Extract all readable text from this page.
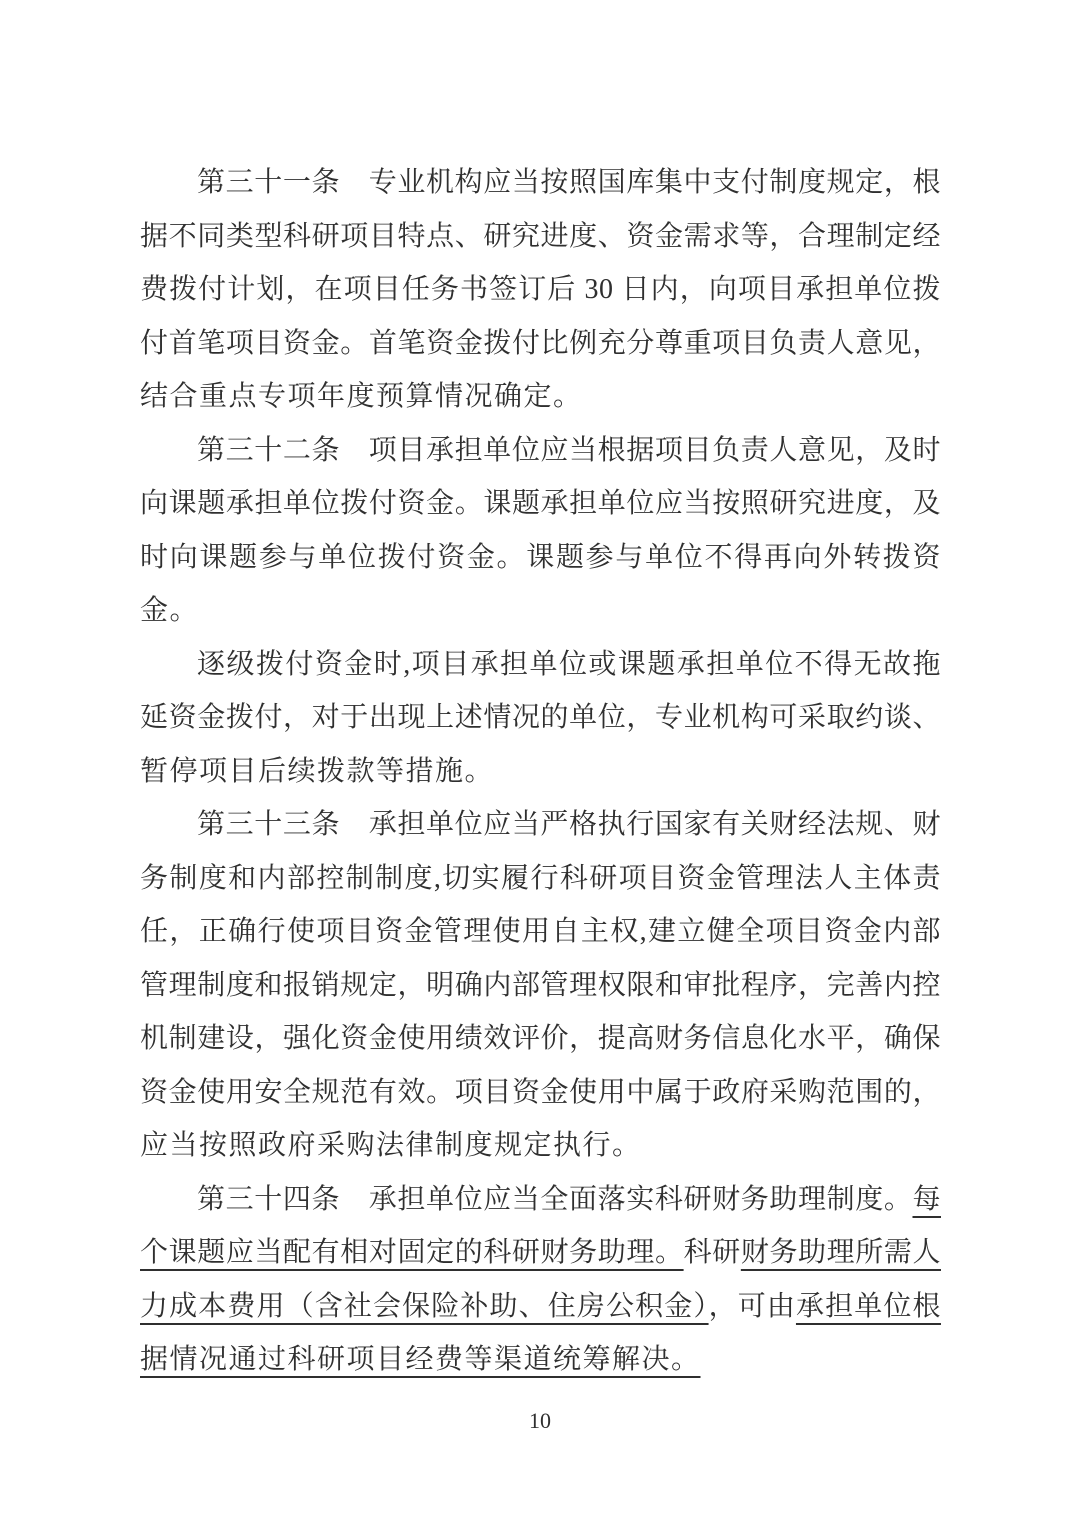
第三十一条　专业机构应当按照国库集中支付制度规定，根
据不同类型科研项目特点、研究进度、资金需求等，合理制定经
费拨付计划，在项目任务书签订后 30 日内，向项目承担单位拨
付首笔项目资金。首笔资金拨付比例充分尊重项目负责人意见，
结合重点专项年度预算情况确定。
第三十二条　项目承担单位应当根据项目负责人意见，及时
向课题承担单位拨付资金。课题承担单位应当按照研究进度，及
时向课题参与单位拨付资金。课题参与单位不得再向外转拨资
金。
逐级拨付资金时,项目承担单位或课题承担单位不得无故拖
延资金拨付，对于出现上述情况的单位，专业机构可采取约谈、
暂停项目后续拨款等措施。
第三十三条　承担单位应当严格执行国家有关财经法规、财
务制度和内部控制制度,切实履行科研项目资金管理法人主体责
任，正确行使项目资金管理使用自主权,建立健全项目资金内部
管理制度和报销规定，明确内部管理权限和审批程序，完善内控
机制建设，强化资金使用绩效评价，提高财务信息化水平，确保
资金使用安全规范有效。项目资金使用中属于政府采购范围的，
应当按照政府采购法律制度规定执行。
第三十四条　承担单位应当全面落实科研财务助理制度。每
个课题应当配有相对固定的科研财务助理。科研财务助理所需人
力成本费用（含社会保险补助、住房公积金），可由承担单位根
据情况通过科研项目经费等渠道统筹解决。
10
